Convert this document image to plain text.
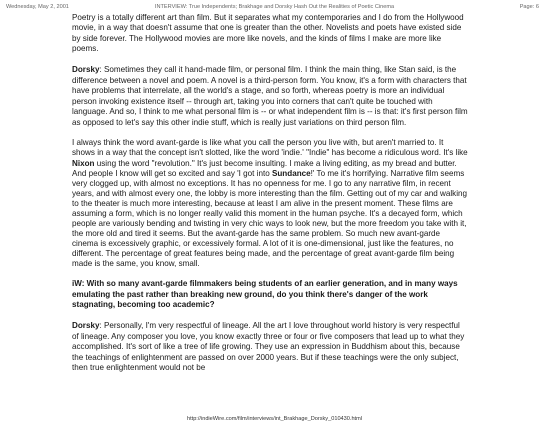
Wednesday, May 2, 2001	INTERVIEW: True Independents; Brakhage and Dorsky Hash Out the Realities of Poetic Cinema	Page: 6

Poetry is a totally different art than film. But it separates what my contemporaries and I do from the Hollywood movie, in a way that doesn't assume that one is greater than the other. Novelists and poets have existed side by side forever. The Hollywood movies are more like novels, and the kinds of films I make are more like poems.

Dorsky: Sometimes they call it hand-made film, or personal film. I think the main thing, like Stan said, is the difference between a novel and poem. A novel is a third-person form. You know, it's a form with characters that have problems that interrelate, all the world's a stage, and so forth, whereas poetry is more an individual person invoking existence itself -- through art, taking you into corners that can't quite be touched with language. And so, I think to me what personal film is -- or what independent film is -- is that: it's first person film as opposed to let's say this other indie stuff, which is really just variations on third person film.

I always think the word avant-garde is like what you call the person you live with, but aren't married to. It shows in a way that the concept isn't slotted, like the word 'indie.' "Indie" has become a ridiculous word. It's like Nixon using the word "revolution." It's just become insulting. I make a living editing, as my bread and butter. And people I know will get so excited and say 'I got into Sundance!' To me it's horrifying. Narrative film seems very clogged up, with almost no exceptions. It has no openness for me. I go to any narrative film, in recent years, and with almost every one, the lobby is more interesting than the film. Getting out of my car and walking to the theater is much more interesting, because at least I am alive in the present moment. These films are assuming a form, which is no longer really valid this moment in the human psyche. It's a decayed form, which people are variously bending and twisting in very chic ways to look new, but the more freedom you take with it, the more old and tired it seems. But the avant-garde has the same problem. So much new avant-garde cinema is excessively graphic, or excessively formal. A lot of it is one-dimensional, just like the features, no different. The percentage of great features being made, and the percentage of great avant-garde film being made is the same, you know, small.

iW: With so many avant-garde filmmakers being students of an earlier generation, and in many ways emulating the past rather than breaking new ground, do you think there's danger of the work stagnating, becoming too academic?

Dorsky: Personally, I'm very respectful of lineage. All the art I love throughout world history is very respectful of lineage. Any composer you love, you know exactly three or four or five composers that lead up to what they accomplished. It's sort of like a tree of life growing. They use an expression in Buddhism about this, because the teachings of enlightenment are passed on over 2000 years. But if these teachings were the only subject, then true enlightenment would not be

http://indieWire.com/film/interviews/int_Brakhage_Dorsky_010430.html
